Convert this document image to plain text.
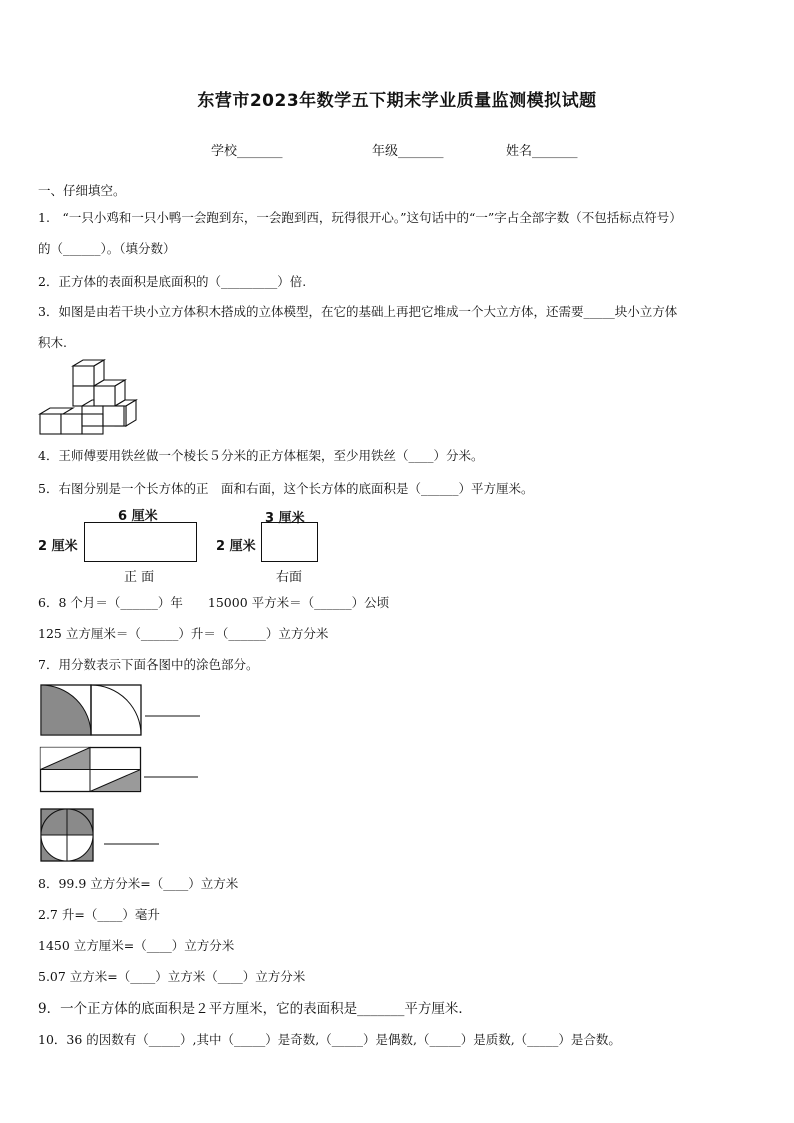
东营市2023年数学五下期末学业质量监测模拟试题
学校_______	年级_______	姓名_______
一、仔细填空。
1.　“一只小鸡和一只小鸭一会跑到东，一会跑到西，玩得很开心。”这句话中的“一”字占全部字数（不包括标点符号）
的（______）。（填分数）
2．正方体的表面积是底面积的（_________）倍.
3．如图是由若干块小立方体积木搭成的立体模型，在它的基础上再把它堆成一个大立方体，还需要_____块小立方体
积木.
4．王师傅要用铁丝做一个棱长５分米的正方体框架，至少用铁丝（____）分米。
5．右图分别是一个长方体的正　面和右面，这个长方体的底面积是（______）平方厘米。
6 厘米
2 厘米
正 面
3 厘米
2 厘米
右面
6．8 个月＝（______）年　　15000 平方米＝（______）公顷
125 立方厘米＝（______）升＝（______）立方分米
7．用分数表示下面各图中的涂色部分。
8．99.9 立方分米=（____）立方米
2.7 升=（____）毫升
1450 立方厘米=（____）立方分米
5.07 立方米=（____）立方米（____）立方分米
9．一个正方体的底面积是２平方厘米，它的表面积是_______平方厘米．
10．36 的因数有（_____）,其中（_____）是奇数,（_____）是偶数,（_____）是质数,（_____）是合数。
